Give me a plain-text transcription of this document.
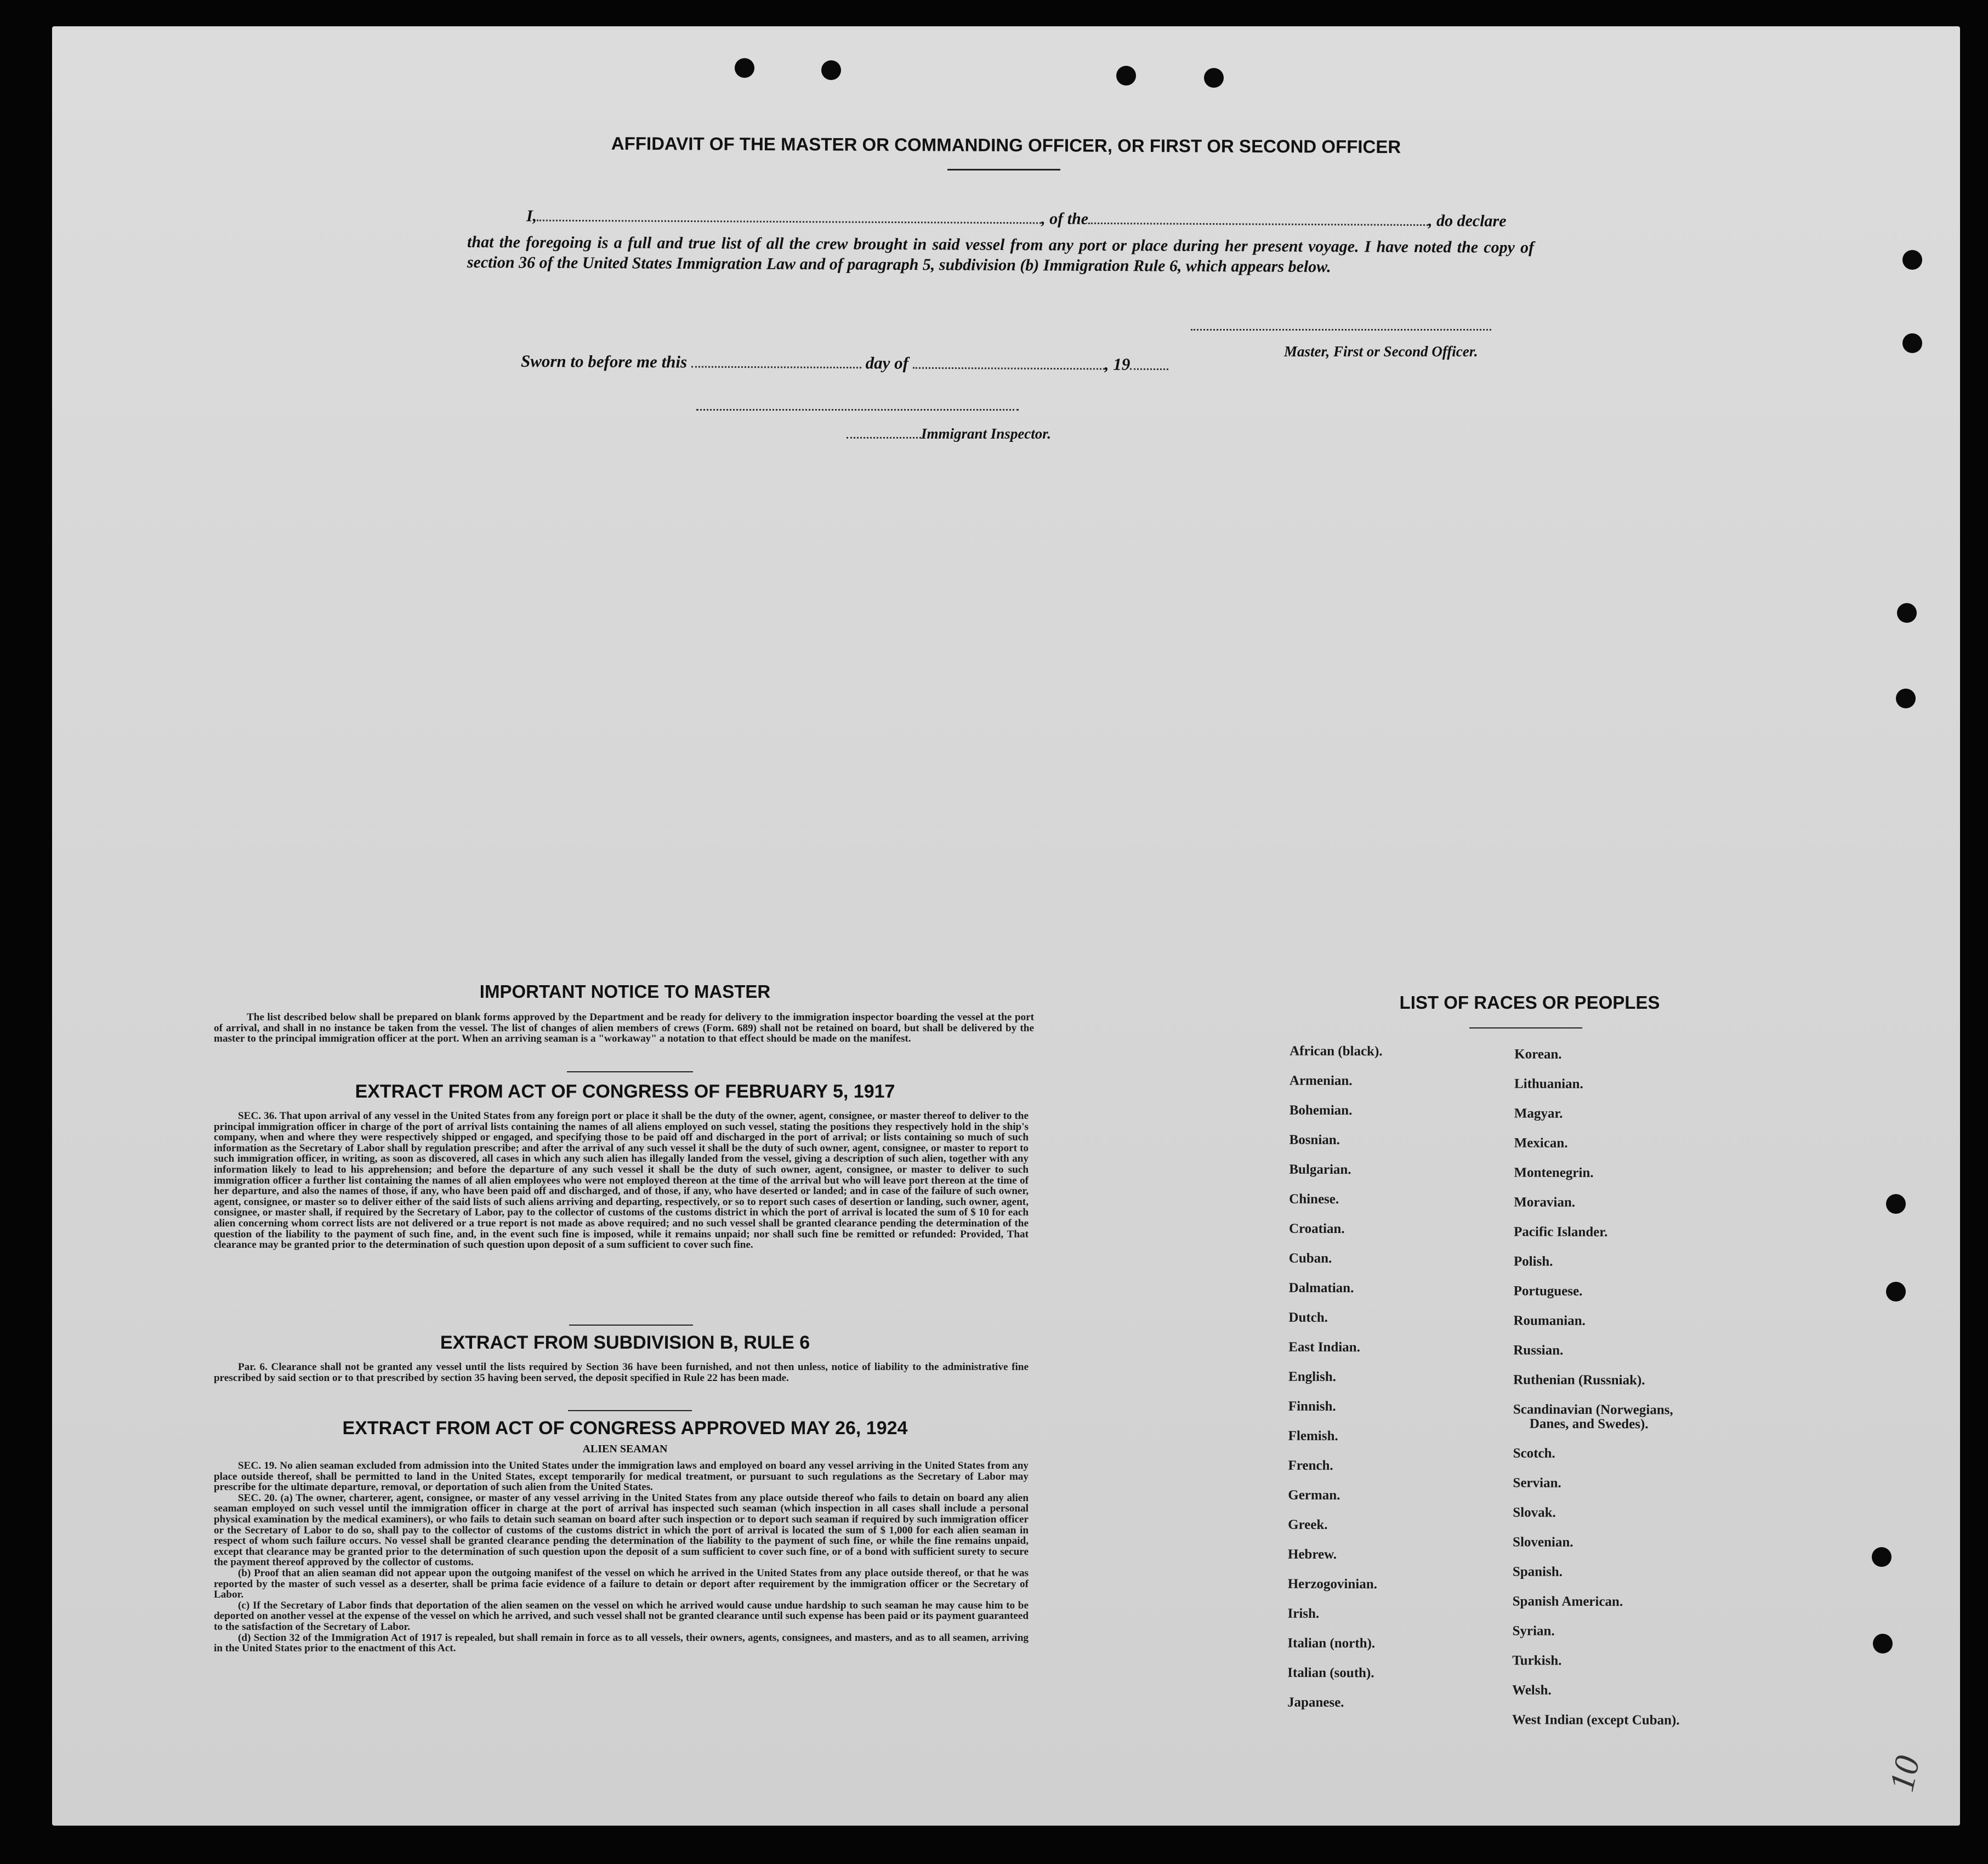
AFFIDAVIT OF THE MASTER OR COMMANDING OFFICER, OR FIRST OR SECOND OFFICER
I,	, of the	, do declare
that the foregoing is a full and true list of all the crew brought in said vessel from any port or place during her present voyage. I have noted the copy of section 36 of the United States Immigration Law and of paragraph 5, subdivision (b) Immigration Rule 6, which appears below.
Master, First or Second Officer.
Sworn to before me this	day of	, 19
Immigrant Inspector.
IMPORTANT NOTICE TO MASTER
The list described below shall be prepared on blank forms approved by the Department and be ready for delivery to the immigration inspector boarding the vessel at the port of arrival, and shall in no instance be taken from the vessel. The list of changes of alien members of crews (Form. 689) shall not be retained on board, but shall be delivered by the master to the principal immigration officer at the port. When an arriving seaman is a "workaway" a notation to that effect should be made on the manifest.
EXTRACT FROM ACT OF CONGRESS OF FEBRUARY 5, 1917
SEC. 36. That upon arrival of any vessel in the United States from any foreign port or place it shall be the duty of the owner, agent, consignee, or master thereof to deliver to the principal immigration officer in charge of the port of arrival lists containing the names of all aliens employed on such vessel, stating the positions they respectively hold in the ship's company, when and where they were respectively shipped or engaged, and specifying those to be paid off and discharged in the port of arrival; or lists containing so much of such information as the Secretary of Labor shall by regulation prescribe; and after the arrival of any such vessel it shall be the duty of such owner, agent, consignee, or master to report to such immigration officer, in writing, as soon as discovered, all cases in which any such alien has illegally landed from the vessel, giving a description of such alien, together with any information likely to lead to his apprehension; and before the departure of any such vessel it shall be the duty of such owner, agent, consignee, or master to deliver to such immigration officer a further list containing the names of all alien employees who were not employed thereon at the time of the arrival but who will leave port thereon at the time of her departure, and also the names of those, if any, who have been paid off and discharged, and of those, if any, who have deserted or landed; and in case of the failure of such owner, agent, consignee, or master so to deliver either of the said lists of such aliens arriving and departing, respectively, or so to report such cases of desertion or landing, such owner, agent, consignee, or master shall, if required by the Secretary of Labor, pay to the collector of customs of the customs district in which the port of arrival is located the sum of $ 10 for each alien concerning whom correct lists are not delivered or a true report is not made as above required; and no such vessel shall be granted clearance pending the determination of the question of the liability to the payment of such fine, and, in the event such fine is imposed, while it remains unpaid; nor shall such fine be remitted or refunded: Provided, That clearance may be granted prior to the determination of such question upon deposit of a sum sufficient to cover such fine.
EXTRACT FROM SUBDIVISION B, RULE 6
Par. 6. Clearance shall not be granted any vessel until the lists required by Section 36 have been furnished, and not then unless, notice of liability to the administrative fine prescribed by said section or to that prescribed by section 35 having been served, the deposit specified in Rule 22 has been made.
EXTRACT FROM ACT OF CONGRESS APPROVED MAY 26, 1924
ALIEN SEAMAN
SEC. 19. No alien seaman excluded from admission into the United States under the immigration laws and employed on board any vessel arriving in the United States from any place outside thereof, shall be permitted to land in the United States, except temporarily for medical treatment, or pursuant to such regulations as the Secretary of Labor may prescribe for the ultimate departure, removal, or deportation of such alien from the United States.
SEC. 20. (a) The owner, charterer, agent, consignee, or master of any vessel arriving in the United States from any place outside thereof who fails to detain on board any alien seaman employed on such vessel until the immigration officer in charge at the port of arrival has inspected such seaman (which inspection in all cases shall include a personal physical examination by the medical examiners), or who fails to detain such seaman on board after such inspection or to deport such seaman if required by such immigration officer or the Secretary of Labor to do so, shall pay to the collector of customs of the customs district in which the port of arrival is located the sum of $ 1,000 for each alien seaman in respect of whom such failure occurs. No vessel shall be granted clearance pending the determination of the liability to the payment of such fine, or while the fine remains unpaid, except that clearance may be granted prior to the determination of such question upon the deposit of a sum sufficient to cover such fine, or of a bond with sufficient surety to secure the payment thereof approved by the collector of customs.
(b) Proof that an alien seaman did not appear upon the outgoing manifest of the vessel on which he arrived in the United States from any place outside thereof, or that he was reported by the master of such vessel as a deserter, shall be prima facie evidence of a failure to detain or deport after requirement by the immigration officer or the Secretary of Labor.
(c) If the Secretary of Labor finds that deportation of the alien seamen on the vessel on which he arrived would cause undue hardship to such seaman he may cause him to be deported on another vessel at the expense of the vessel on which he arrived, and such vessel shall not be granted clearance until such expense has been paid or its payment guaranteed to the satisfaction of the Secretary of Labor.
(d) Section 32 of the Immigration Act of 1917 is repealed, but shall remain in force as to all vessels, their owners, agents, consignees, and masters, and as to all seamen, arriving in the United States prior to the enactment of this Act.
LIST OF RACES OR PEOPLES
African (black).
Armenian.
Bohemian.
Bosnian.
Bulgarian.
Chinese.
Croatian.
Cuban.
Dalmatian.
Dutch.
East Indian.
English.
Finnish.
Flemish.
French.
German.
Greek.
Hebrew.
Herzogovinian.
Irish.
Italian (north).
Italian (south).
Japanese.
Korean.
Lithuanian.
Magyar.
Mexican.
Montenegrin.
Moravian.
Pacific Islander.
Polish.
Portuguese.
Roumanian.
Russian.
Ruthenian (Russniak).
Scandinavian (Norwegians,
Danes, and Swedes).
Scotch.
Servian.
Slovak.
Slovenian.
Spanish.
Spanish American.
Syrian.
Turkish.
Welsh.
West Indian (except Cuban).
10
